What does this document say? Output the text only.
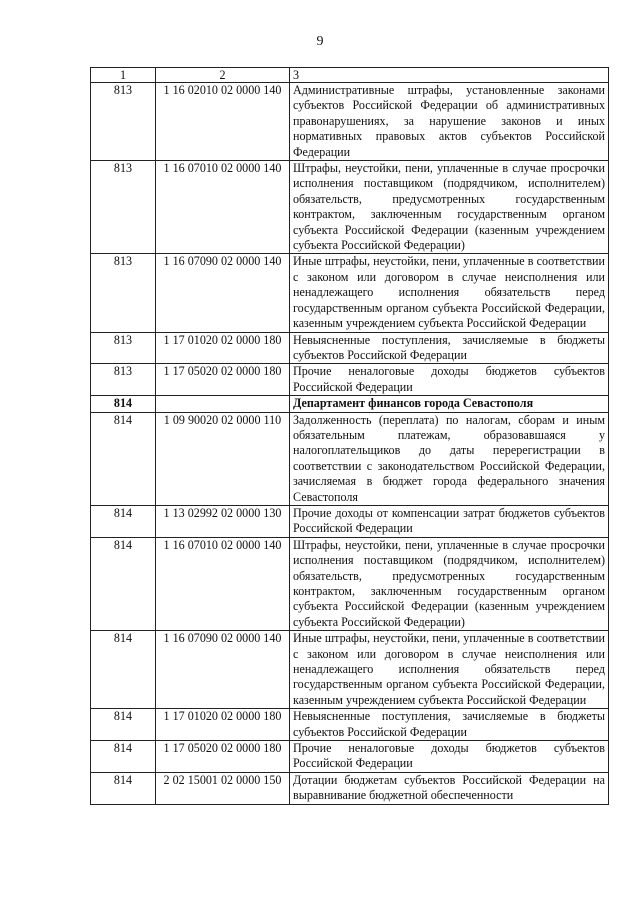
9
1	2	3
813	1 16 02010 02 0000 140	Административные штрафы, установленные законами субъектов Российской Федерации об административных правонарушениях, за нарушение законов и иных нормативных правовых актов субъектов Российской Федерации
813	1 16 07010 02 0000 140	Штрафы, неустойки, пени, уплаченные в случае просрочки исполнения поставщиком (подрядчиком, исполнителем) обязательств, предусмотренных государственным контрактом, заключенным государственным органом субъекта Российской Федерации (казенным учреждением субъекта Российской Федерации)
813	1 16 07090 02 0000 140	Иные штрафы, неустойки, пени, уплаченные в соответствии с законом или договором в случае неисполнения или ненадлежащего исполнения обязательств перед государственным органом субъекта Российской Федерации, казенным учреждением субъекта Российской Федерации
813	1 17 01020 02 0000 180	Невыясненные поступления, зачисляемые в бюджеты субъектов Российской Федерации
813	1 17 05020 02 0000 180	Прочие неналоговые доходы бюджетов субъектов Российской Федерации
814		Департамент финансов города Севастополя
814	1 09 90020 02 0000 110	Задолженность (переплата) по налогам, сборам и иным обязательным платежам, образовавшаяся у налогоплательщиков до даты перерегистрации в соответствии с законодательством Российской Федерации, зачисляемая в бюджет города федерального значения Севастополя
814	1 13 02992 02 0000 130	Прочие доходы от компенсации затрат бюджетов субъектов Российской Федерации
814	1 16 07010 02 0000 140	Штрафы, неустойки, пени, уплаченные в случае просрочки исполнения поставщиком (подрядчиком, исполнителем) обязательств, предусмотренных государственным контрактом, заключенным государственным органом субъекта Российской Федерации (казенным учреждением субъекта Российской Федерации)
814	1 16 07090 02 0000 140	Иные штрафы, неустойки, пени, уплаченные в соответствии с законом или договором в случае неисполнения или ненадлежащего исполнения обязательств перед государственным органом субъекта Российской Федерации, казенным учреждением субъекта Российской Федерации
814	1 17 01020 02 0000 180	Невыясненные поступления, зачисляемые в бюджеты субъектов Российской Федерации
814	1 17 05020 02 0000 180	Прочие неналоговые доходы бюджетов субъектов Российской Федерации
814	2 02 15001 02 0000 150	Дотации бюджетам субъектов Российской Федерации на выравнивание бюджетной обеспеченности
